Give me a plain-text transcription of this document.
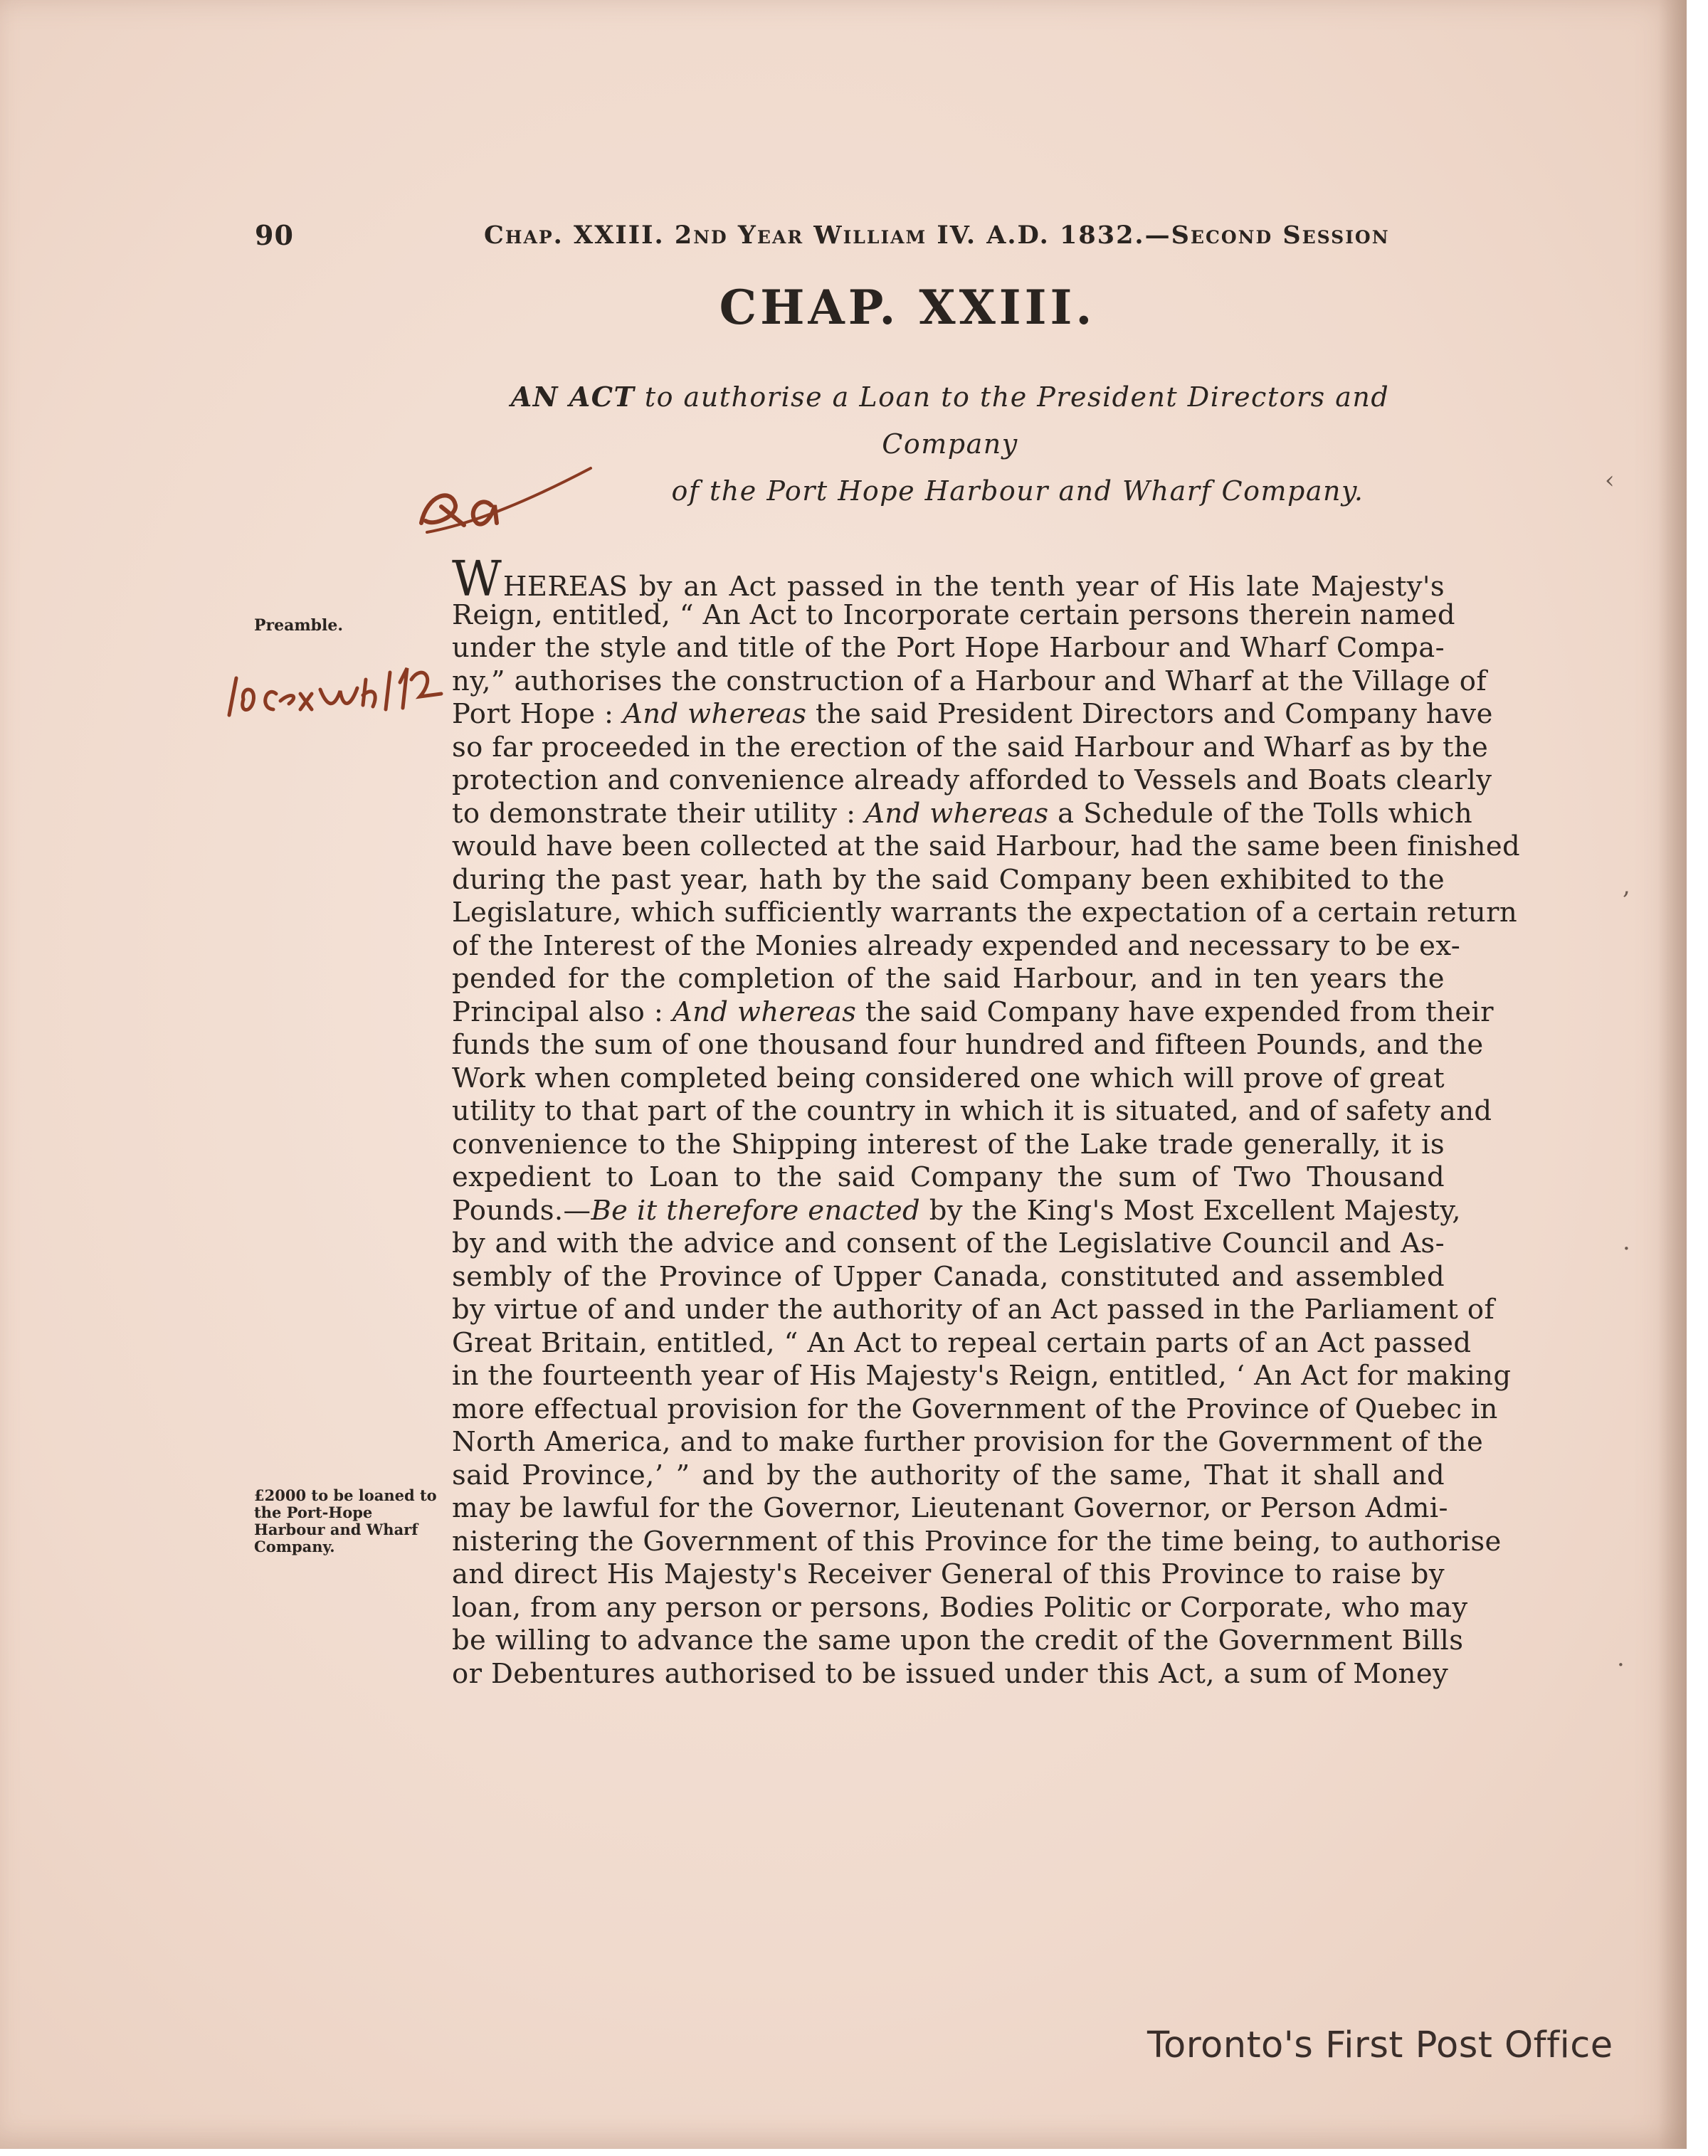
90	Chap. XXIII. 2nd Year William IV. A.D. 1832.—Second Session
CHAP. XXIII.
AN ACT to authorise a Loan to the President Directors and Company
of the Port Hope Harbour and Wharf Company.
Preamble.
£2000 to be loaned to the Port-Hope Harbour and Wharf Company.
WHEREAS by an Act passed in the tenth year of His late Majesty's
Reign, entitled, “ An Act to Incorporate certain persons therein named
under the style and title of the Port Hope Harbour and Wharf Compa-
ny,” authorises the construction of a Harbour and Wharf at the Village of
Port Hope : And whereas the said President Directors and Company have
so far proceeded in the erection of the said Harbour and Wharf as by the
protection and convenience already afforded to Vessels and Boats clearly
to demonstrate their utility : And whereas a Schedule of the Tolls which
would have been collected at the said Harbour, had the same been finished
during the past year, hath by the said Company been exhibited to the
Legislature, which sufficiently warrants the expectation of a certain return
of the Interest of the Monies already expended and necessary to be ex-
pended for the completion of the said Harbour, and in ten years the
Principal also : And whereas the said Company have expended from their
funds the sum of one thousand four hundred and fifteen Pounds, and the
Work when completed being considered one which will prove of great
utility to that part of the country in which it is situated, and of safety and
convenience to the Shipping interest of the Lake trade generally, it is
expedient to Loan to the said Company the sum of Two Thousand
Pounds.—Be it therefore enacted by the King's Most Excellent Majesty,
by and with the advice and consent of the Legislative Council and As-
sembly of the Province of Upper Canada, constituted and assembled
by virtue of and under the authority of an Act passed in the Parliament of
Great Britain, entitled, “ An Act to repeal certain parts of an Act passed
in the fourteenth year of His Majesty's Reign, entitled, ‘ An Act for making
more effectual provision for the Government of the Province of Quebec in
North America, and to make further provision for the Government of the
said Province,’ ” and by the authority of the same, That it shall and
may be lawful for the Governor, Lieutenant Governor, or Person Admi-
nistering the Government of this Province for the time being, to authorise
and direct His Majesty's Receiver General of this Province to raise by
loan, from any person or persons, Bodies Politic or Corporate, who may
be willing to advance the same upon the credit of the Government Bills
or Debentures authorised to be issued under this Act, a sum of Money
‹
,
·
·
Toronto's First Post Office
